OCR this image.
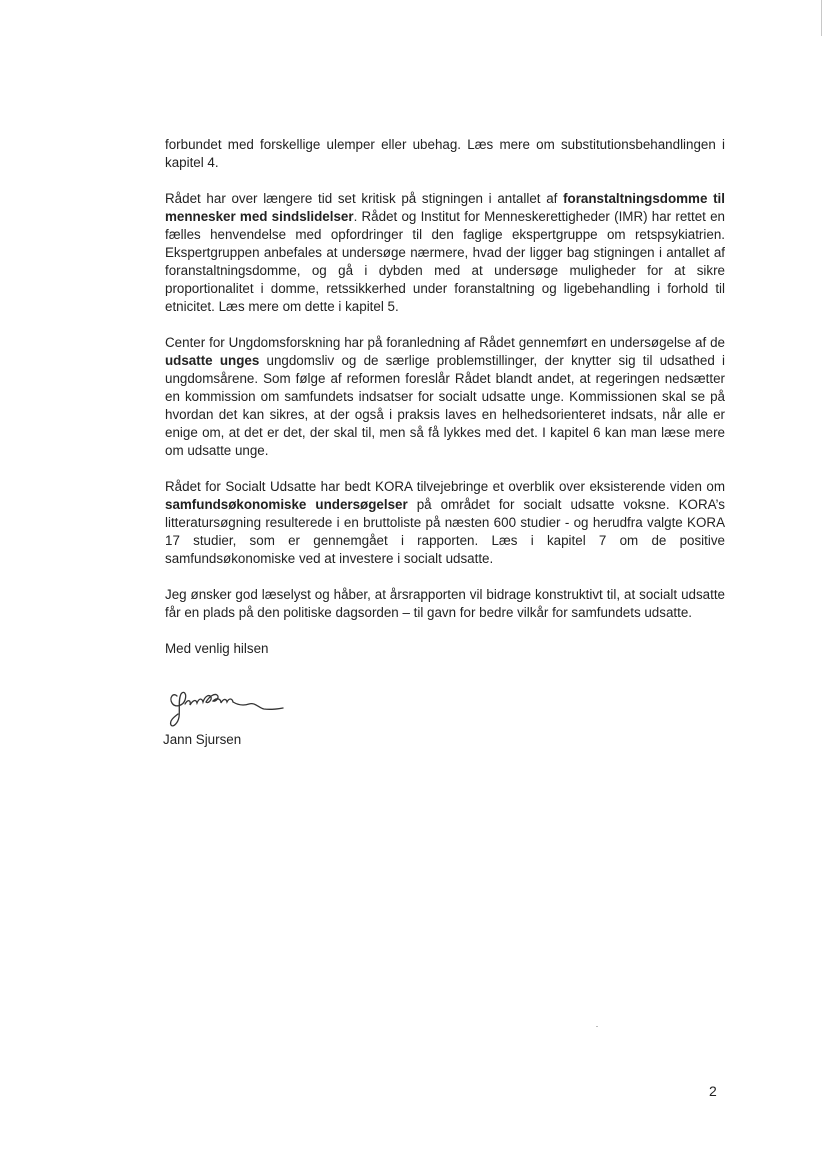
forbundet med forskellige ulemper eller ubehag. Læs mere om substitutionsbehandlingen i kapitel 4.

Rådet har over længere tid set kritisk på stigningen i antallet af foranstaltningsdomme til mennesker med sindslidelser. Rådet og Institut for Menneskerettigheder (IMR) har rettet en fælles henvendelse med opfordringer til den faglige ekspertgruppe om retspsykiatrien. Ekspertgruppen anbefales at undersøge nærmere, hvad der ligger bag stigningen i antallet af foranstaltningsdomme, og gå i dybden med at undersøge muligheder for at sikre proportionalitet i domme, retssikkerhed under foranstaltning og ligebehandling i forhold til etnicitet. Læs mere om dette i kapitel 5.

Center for Ungdomsforskning har på foranledning af Rådet gennemført en undersøgelse af de udsatte unges ungdomsliv og de særlige problemstillinger, der knytter sig til udsathed i ungdomsårene. Som følge af reformen foreslår Rådet blandt andet, at regeringen nedsætter en kommission om samfundets indsatser for socialt udsatte unge. Kommissionen skal se på hvordan det kan sikres, at der også i praksis laves en helhedsorienteret indsats, når alle er enige om, at det er det, der skal til, men så få lykkes med det. I kapitel 6 kan man læse mere om udsatte unge.

Rådet for Socialt Udsatte har bedt KORA tilvejebringe et overblik over eksisterende viden om samfundsøkonomiske undersøgelser på området for socialt udsatte voksne. KORA’s litteratursøgning resulterede i en bruttoliste på næsten 600 studier - og herudfra valgte KORA 17 studier, som er gennemgået i rapporten. Læs i kapitel 7 om de positive samfundsøkonomiske ved at investere i socialt udsatte.

Jeg ønsker god læselyst og håber, at årsrapporten vil bidrage konstruktivt til, at socialt udsatte får en plads på den politiske dagsorden – til gavn for bedre vilkår for samfundets udsatte.

Med venlig hilsen

Jann Sjursen
2
